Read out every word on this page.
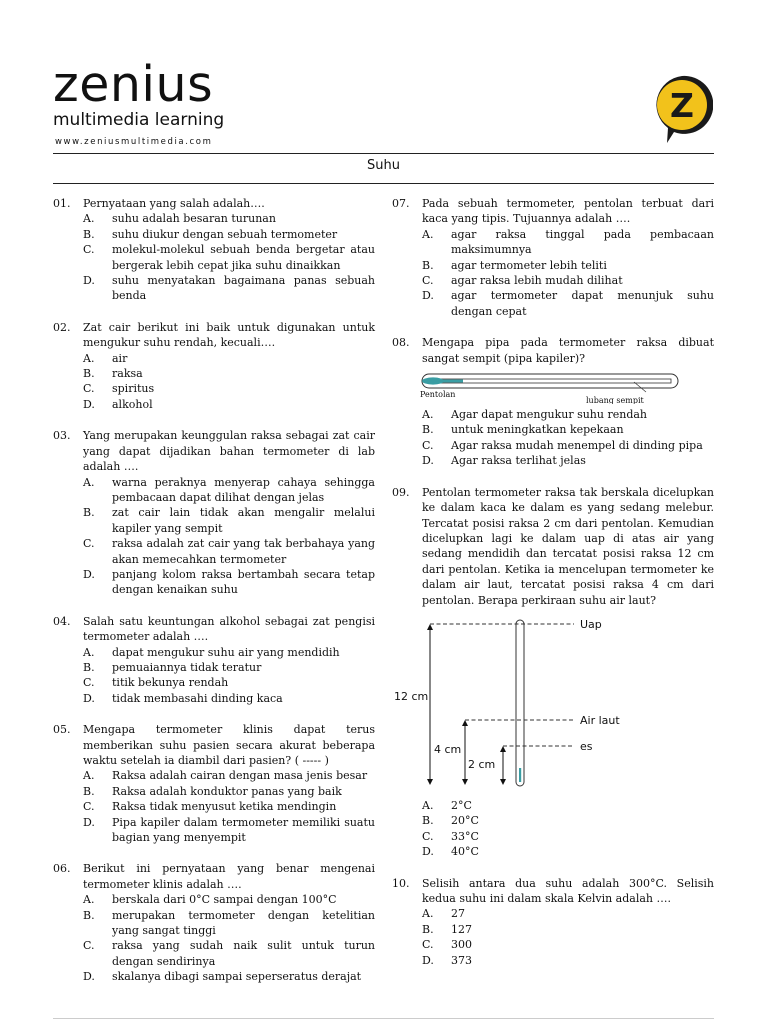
zenius
multimedia learning
www.zeniusmultimedia.com
Z
Suhu
01.	Pernyataan yang salah adalah….
A.	suhu adalah besaran turunan
B.	suhu diukur dengan sebuah termometer
C.	molekul-molekul sebuah benda bergetar atau bergerak lebih cepat jika suhu dinaikkan
D.	suhu menyatakan bagaimana panas sebuah benda
02.	Zat cair berikut ini baik untuk digunakan untuk mengukur suhu rendah, kecuali….
A.	air
B.	raksa
C.	spiritus
D.	alkohol
03.	Yang merupakan keunggulan raksa sebagai zat cair yang dapat dijadikan bahan termometer di lab adalah ….
A.	warna peraknya menyerap cahaya sehingga pembacaan dapat dilihat dengan jelas
B.	zat cair lain tidak akan mengalir melalui kapiler yang sempit
C.	raksa adalah zat cair yang tak berbahaya yang akan memecahkan termometer
D.	panjang kolom raksa bertambah secara tetap dengan kenaikan suhu
04.	Salah satu keuntungan alkohol sebagai zat pengisi termometer adalah ….
A.	dapat mengukur suhu air yang mendidih
B.	pemuaiannya tidak teratur
C.	titik bekunya rendah
D.	tidak membasahi dinding kaca
05.	Mengapa termometer klinis dapat terus memberikan suhu pasien secara akurat beberapa waktu setelah ia diambil dari pasien? ( ----- )
A.	Raksa adalah cairan dengan masa jenis besar
B.	Raksa adalah konduktor panas yang baik
C.	Raksa tidak menyusut ketika mendingin
D.	Pipa kapiler dalam termometer memiliki suatu bagian yang menyempit
06.	Berikut ini pernyataan yang benar mengenai termometer klinis adalah ….
A.	berskala dari 0°C sampai dengan 100°C
B.	merupakan termometer dengan ketelitian yang sangat tinggi
C.	raksa yang sudah naik sulit untuk turun dengan sendirinya
D.	skalanya dibagi sampai seperseratus derajat
07.	Pada sebuah termometer, pentolan terbuat dari kaca yang tipis. Tujuannya adalah ….
A.	agar raksa tinggal pada pembacaan maksimumnya
B.	agar termometer lebih teliti
C.	agar raksa lebih mudah dilihat
D.	agar termometer dapat menunjuk suhu dengan cepat
08.	Mengapa pipa pada termometer raksa dibuat sangat sempit (pipa kapiler)?
Pentolan
lubang sempit
A.	Agar dapat mengukur suhu rendah
B.	untuk meningkatkan kepekaan
C.	Agar raksa mudah menempel di dinding pipa
D.	Agar raksa terlihat jelas
09.	Pentolan termometer raksa tak berskala dicelupkan ke dalam kaca ke dalam es yang sedang melebur. Tercatat posisi raksa 2 cm dari pentolan. Kemudian dicelupkan lagi ke dalam uap di atas air yang sedang mendidih dan tercatat posisi raksa 12 cm dari pentolan. Ketika ia mencelupan termometer ke dalam air laut, tercatat posisi raksa 4 cm dari pentolan. Berapa perkiraan suhu air laut?
Uap
Air laut
es
12 cm
4 cm
2 cm
A.	2°C
B.	20°C
C.	33°C
D.	40°C
10.	Selisih antara dua suhu adalah 300°C. Selisih kedua suhu ini dalam skala Kelvin adalah ….
A.	27
B.	127
C.	300
D.	373
